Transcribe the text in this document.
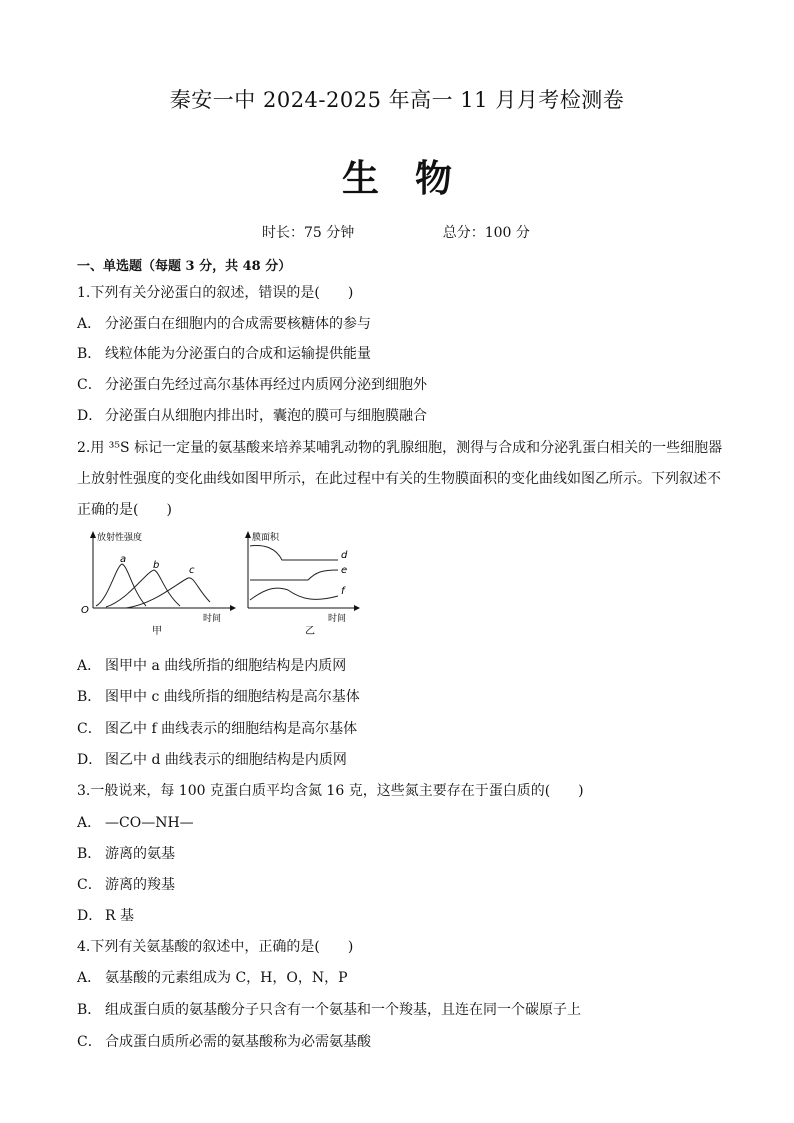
秦安一中 2024-2025 年高一 11 月月考检测卷
生物
时长：75 分钟	总分：100 分
一、单选题（每题 3 分，共 48 分）
1.下列有关分泌蛋白的叙述，错误的是(　　)
A． 分泌蛋白在细胞内的合成需要核糖体的参与
B． 线粒体能为分泌蛋白的合成和运输提供能量
C． 分泌蛋白先经过高尔基体再经过内质网分泌到细胞外
D． 分泌蛋白从细胞内排出时，囊泡的膜可与细胞膜融合
2.用 ³⁵S 标记一定量的氨基酸来培养某哺乳动物的乳腺细胞，测得与合成和分泌乳蛋白相关的一些细胞器
上放射性强度的变化曲线如图甲所示，在此过程中有关的生物膜面积的变化曲线如图乙所示。下列叙述不
正确的是(　　)
放射性强度
O
时间
甲
a
b	c
膜面积
时间
乙
d
e
f
A． 图甲中 a 曲线所指的细胞结构是内质网
B． 图甲中 c 曲线所指的细胞结构是高尔基体
C． 图乙中 f 曲线表示的细胞结构是高尔基体
D． 图乙中 d 曲线表示的细胞结构是内质网
3.一般说来，每 100 克蛋白质平均含氮 16 克，这些氮主要存在于蛋白质的(　　)
A． —CO—NH—
B． 游离的氨基
C． 游离的羧基
D． R 基
4.下列有关氨基酸的叙述中，正确的是(　　)
A． 氨基酸的元素组成为 C，H，O，N，P
B． 组成蛋白质的氨基酸分子只含有一个氨基和一个羧基，且连在同一个碳原子上
C． 合成蛋白质所必需的氨基酸称为必需氨基酸
